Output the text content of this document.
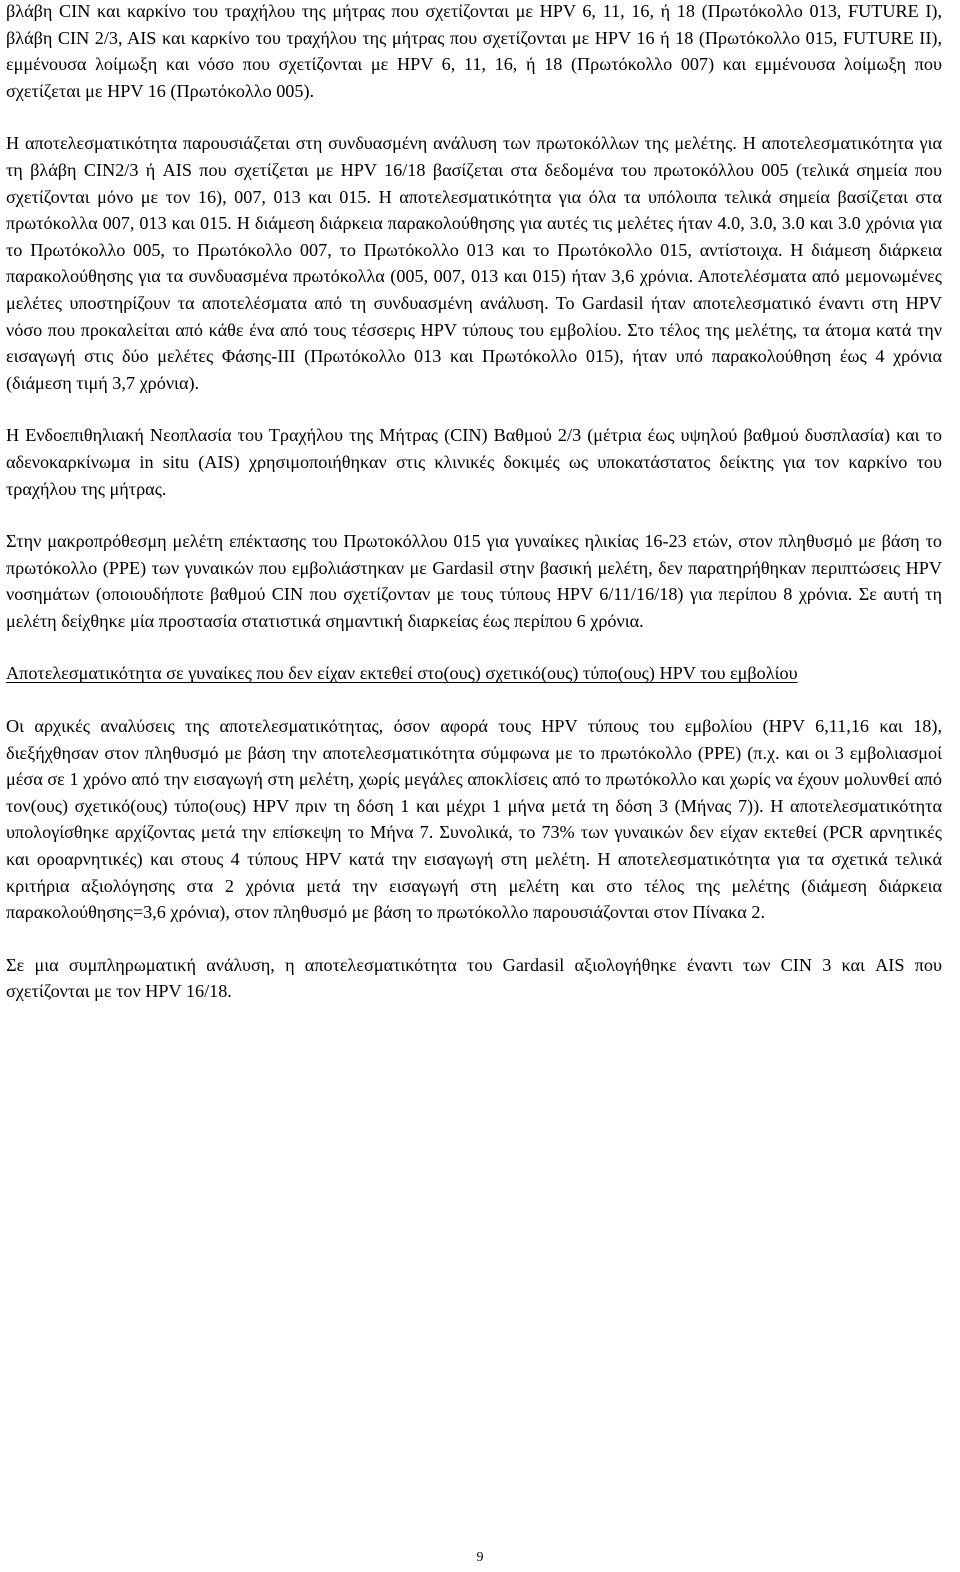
βλάβη CIN και καρκίνο του τραχήλου της μήτρας που σχετίζονται με HPV 6, 11, 16, ή 18 (Πρωτόκολλο 013, FUTURE I), βλάβη CIN 2/3, AIS και καρκίνο του τραχήλου της μήτρας που σχετίζονται με HPV 16 ή 18 (Πρωτόκολλο 015, FUTURE II), εμμένουσα λοίμωξη και νόσο που σχετίζονται με HPV 6, 11, 16, ή 18 (Πρωτόκολλο 007) και εμμένουσα λοίμωξη που σχετίζεται με HPV 16 (Πρωτόκολλο 005).

Η αποτελεσματικότητα παρουσιάζεται στη συνδυασμένη ανάλυση των πρωτοκόλλων της μελέτης. Η αποτελεσματικότητα για τη βλάβη CIN2/3 ή AIS που σχετίζεται με HPV 16/18 βασίζεται στα δεδομένα του πρωτοκόλλου 005 (τελικά σημεία που σχετίζονται μόνο με τον 16), 007, 013 και 015. Η αποτελεσματικότητα για όλα τα υπόλοιπα τελικά σημεία βασίζεται στα πρωτόκολλα 007, 013 και 015. Η διάμεση διάρκεια παρακολούθησης για αυτές τις μελέτες ήταν 4.0, 3.0, 3.0 και 3.0 χρόνια για το Πρωτόκολλο 005, το Πρωτόκολλο 007, το Πρωτόκολλο 013 και το Πρωτόκολλο 015, αντίστοιχα. Η διάμεση διάρκεια παρακολούθησης για τα συνδυασμένα πρωτόκολλα (005, 007, 013 και 015) ήταν 3,6 χρόνια. Αποτελέσματα από μεμονωμένες μελέτες υποστηρίζουν τα αποτελέσματα από τη συνδυασμένη ανάλυση. Το Gardasil ήταν αποτελεσματικό έναντι στη HPV νόσο που προκαλείται από κάθε ένα από τους τέσσερις HPV τύπους του εμβολίου. Στο τέλος της μελέτης, τα άτομα κατά την εισαγωγή στις δύο μελέτες Φάσης-III (Πρωτόκολλο 013 και Πρωτόκολλο 015), ήταν υπό παρακολούθηση έως 4 χρόνια (διάμεση τιμή 3,7 χρόνια).

Η Ενδοεπιθηλιακή Νεοπλασία του Τραχήλου της Μήτρας (CIN) Βαθμού 2/3 (μέτρια έως υψηλού βαθμού δυσπλασία) και το αδενοκαρκίνωμα in situ (AIS) χρησιμοποιήθηκαν στις κλινικές δοκιμές ως υποκατάστατος δείκτης για τον καρκίνο του τραχήλου της μήτρας.

Στην μακροπρόθεσμη μελέτη επέκτασης του Πρωτοκόλλου 015 για γυναίκες ηλικίας 16-23 ετών, στον πληθυσμό με βάση το πρωτόκολλο (PPE) των γυναικών που εμβολιάστηκαν με Gardasil στην βασική μελέτη, δεν παρατηρήθηκαν περιπτώσεις HPV νοσημάτων (οποιουδήποτε βαθμού CIN που σχετίζονταν με τους τύπους HPV 6/11/16/18) για περίπου 8 χρόνια. Σε αυτή τη μελέτη δείχθηκε μία προστασία στατιστικά σημαντική διαρκείας έως περίπου 6 χρόνια.

Αποτελεσματικότητα σε γυναίκες που δεν είχαν εκτεθεί στο(ους) σχετικό(ους) τύπο(ους) HPV του εμβολίου

Οι αρχικές αναλύσεις της αποτελεσματικότητας, όσον αφορά τους HPV τύπους του εμβολίου (HPV 6,11,16 και 18), διεξήχθησαν στον πληθυσμό με βάση την αποτελεσματικότητα σύμφωνα με το πρωτόκολλο (PPE) (π.χ. και οι 3 εμβολιασμοί μέσα σε 1 χρόνο από την εισαγωγή στη μελέτη, χωρίς μεγάλες αποκλίσεις από το πρωτόκολλο και χωρίς να έχουν μολυνθεί από τον(ους) σχετικό(ους) τύπο(ους) HPV πριν τη δόση 1 και μέχρι 1 μήνα μετά τη δόση 3 (Μήνας 7)). Η αποτελεσματικότητα υπολογίσθηκε αρχίζοντας μετά την επίσκεψη το Μήνα 7. Συνολικά, το 73% των γυναικών δεν είχαν εκτεθεί (PCR αρνητικές και οροαρνητικές) και στους 4 τύπους HPV κατά την εισαγωγή στη μελέτη. Η αποτελεσματικότητα για τα σχετικά τελικά κριτήρια αξιολόγησης στα 2 χρόνια μετά την εισαγωγή στη μελέτη και στο τέλος της μελέτης (διάμεση διάρκεια παρακολούθησης=3,6 χρόνια), στον πληθυσμό με βάση το πρωτόκολλο παρουσιάζονται στον Πίνακα 2.

Σε μια συμπληρωματική ανάλυση, η αποτελεσματικότητα του Gardasil αξιολογήθηκε έναντι των CIN 3 και AIS που σχετίζονται με τον HPV 16/18.

9
